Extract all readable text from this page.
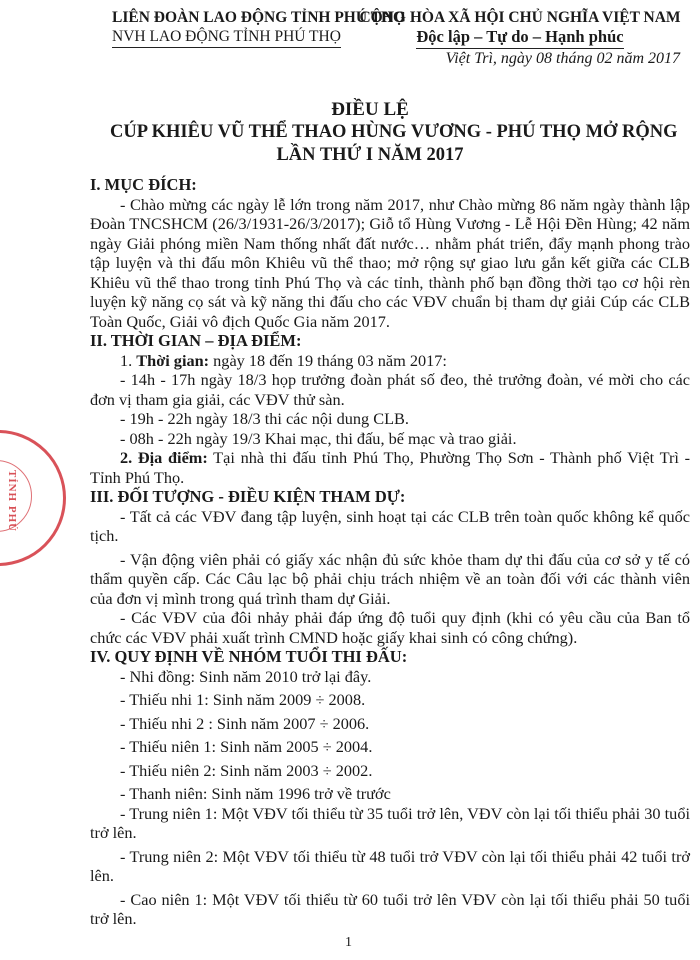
TỈNH PHÚ
LIÊN ĐOÀN LAO ĐỘNG TỈNH PHÚ THỌ
NVH LAO ĐỘNG TỈNH PHÚ THỌ
CỘNG HÒA XÃ HỘI CHỦ NGHĨA VIỆT NAM
Độc lập – Tự do – Hạnh phúc
Việt Trì, ngày 08 tháng 02 năm 2017
ĐIỀU LỆ
CÚP KHIÊU VŨ THỂ THAO HÙNG VƯƠNG - PHÚ THỌ MỞ RỘNG
LẦN THỨ I NĂM 2017

I. MỤC ĐÍCH:

- Chào mừng các ngày lễ lớn trong năm 2017, như Chào mừng 86 năm ngày thành lập Đoàn TNCSHCM (26/3/1931-26/3/2017); Giỗ tổ Hùng Vương - Lễ Hội Đền Hùng; 42 năm ngày Giải phóng miền Nam thống nhất đất nước… nhằm phát triển, đẩy mạnh phong trào tập luyện và thi đấu môn Khiêu vũ thể thao; mở rộng sự giao lưu gắn kết giữa các CLB Khiêu vũ thể thao trong tỉnh Phú Thọ và các tỉnh, thành phố bạn đồng thời tạo cơ hội rèn luyện kỹ năng cọ sát và kỹ năng thi đấu cho các VĐV chuẩn bị tham dự giải Cúp các CLB Toàn Quốc, Giải vô địch Quốc Gia năm 2017.

II. THỜI GIAN – ĐỊA ĐIỂM:

1. Thời gian: ngày 18 đến 19 tháng 03 năm 2017:

- 14h - 17h ngày 18/3 họp trưởng đoàn phát số đeo, thẻ trưởng đoàn, vé mời cho các đơn vị tham gia giải, các VĐV thử sàn.

- 19h - 22h ngày 18/3 thi các nội dung CLB.

- 08h - 22h ngày 19/3 Khai mạc, thi đấu, bế mạc và trao giải.

2. Địa điểm: Tại nhà thi đấu tỉnh Phú Thọ, Phường Thọ Sơn - Thành phố Việt Trì - Tỉnh Phú Thọ.

III. ĐỐI TƯỢNG - ĐIỀU KIỆN THAM DỰ:

- Tất cả các VĐV đang tập luyện, sinh hoạt tại các CLB trên toàn quốc không kể quốc tịch.

- Vận động viên phải có giấy xác nhận đủ sức khỏe tham dự thi đấu của cơ sở y tế có thẩm quyền cấp. Các Câu lạc bộ phải chịu trách nhiệm về an toàn đối với các thành viên của đơn vị mình trong quá trình tham dự Giải.

- Các VĐV của đôi nhảy phải đáp ứng độ tuổi quy định (khi có yêu cầu của Ban tổ chức các VĐV phải xuất trình CMND hoặc giấy khai sinh có công chứng).

IV. QUY ĐỊNH VỀ NHÓM TUỔI THI ĐẤU:

- Nhi đồng: Sinh năm 2010 trở lại đây.

- Thiếu nhi 1: Sinh năm 2009 ÷ 2008.

- Thiếu nhi 2 : Sinh năm 2007 ÷ 2006.

- Thiếu niên 1: Sinh năm 2005 ÷ 2004.

- Thiếu niên 2: Sinh năm 2003 ÷ 2002.

- Thanh niên: Sinh năm 1996 trở về trước

- Trung niên 1: Một VĐV tối thiểu từ 35 tuổi trở lên, VĐV còn lại tối thiểu phải 30 tuổi trở lên.

- Trung niên 2: Một VĐV tối thiểu từ 48 tuổi trở VĐV còn lại tối thiểu phải 42 tuổi trở lên.

- Cao niên 1: Một VĐV tối thiểu từ 60 tuổi trở lên VĐV còn lại tối thiểu phải 50 tuổi trở lên.

1
